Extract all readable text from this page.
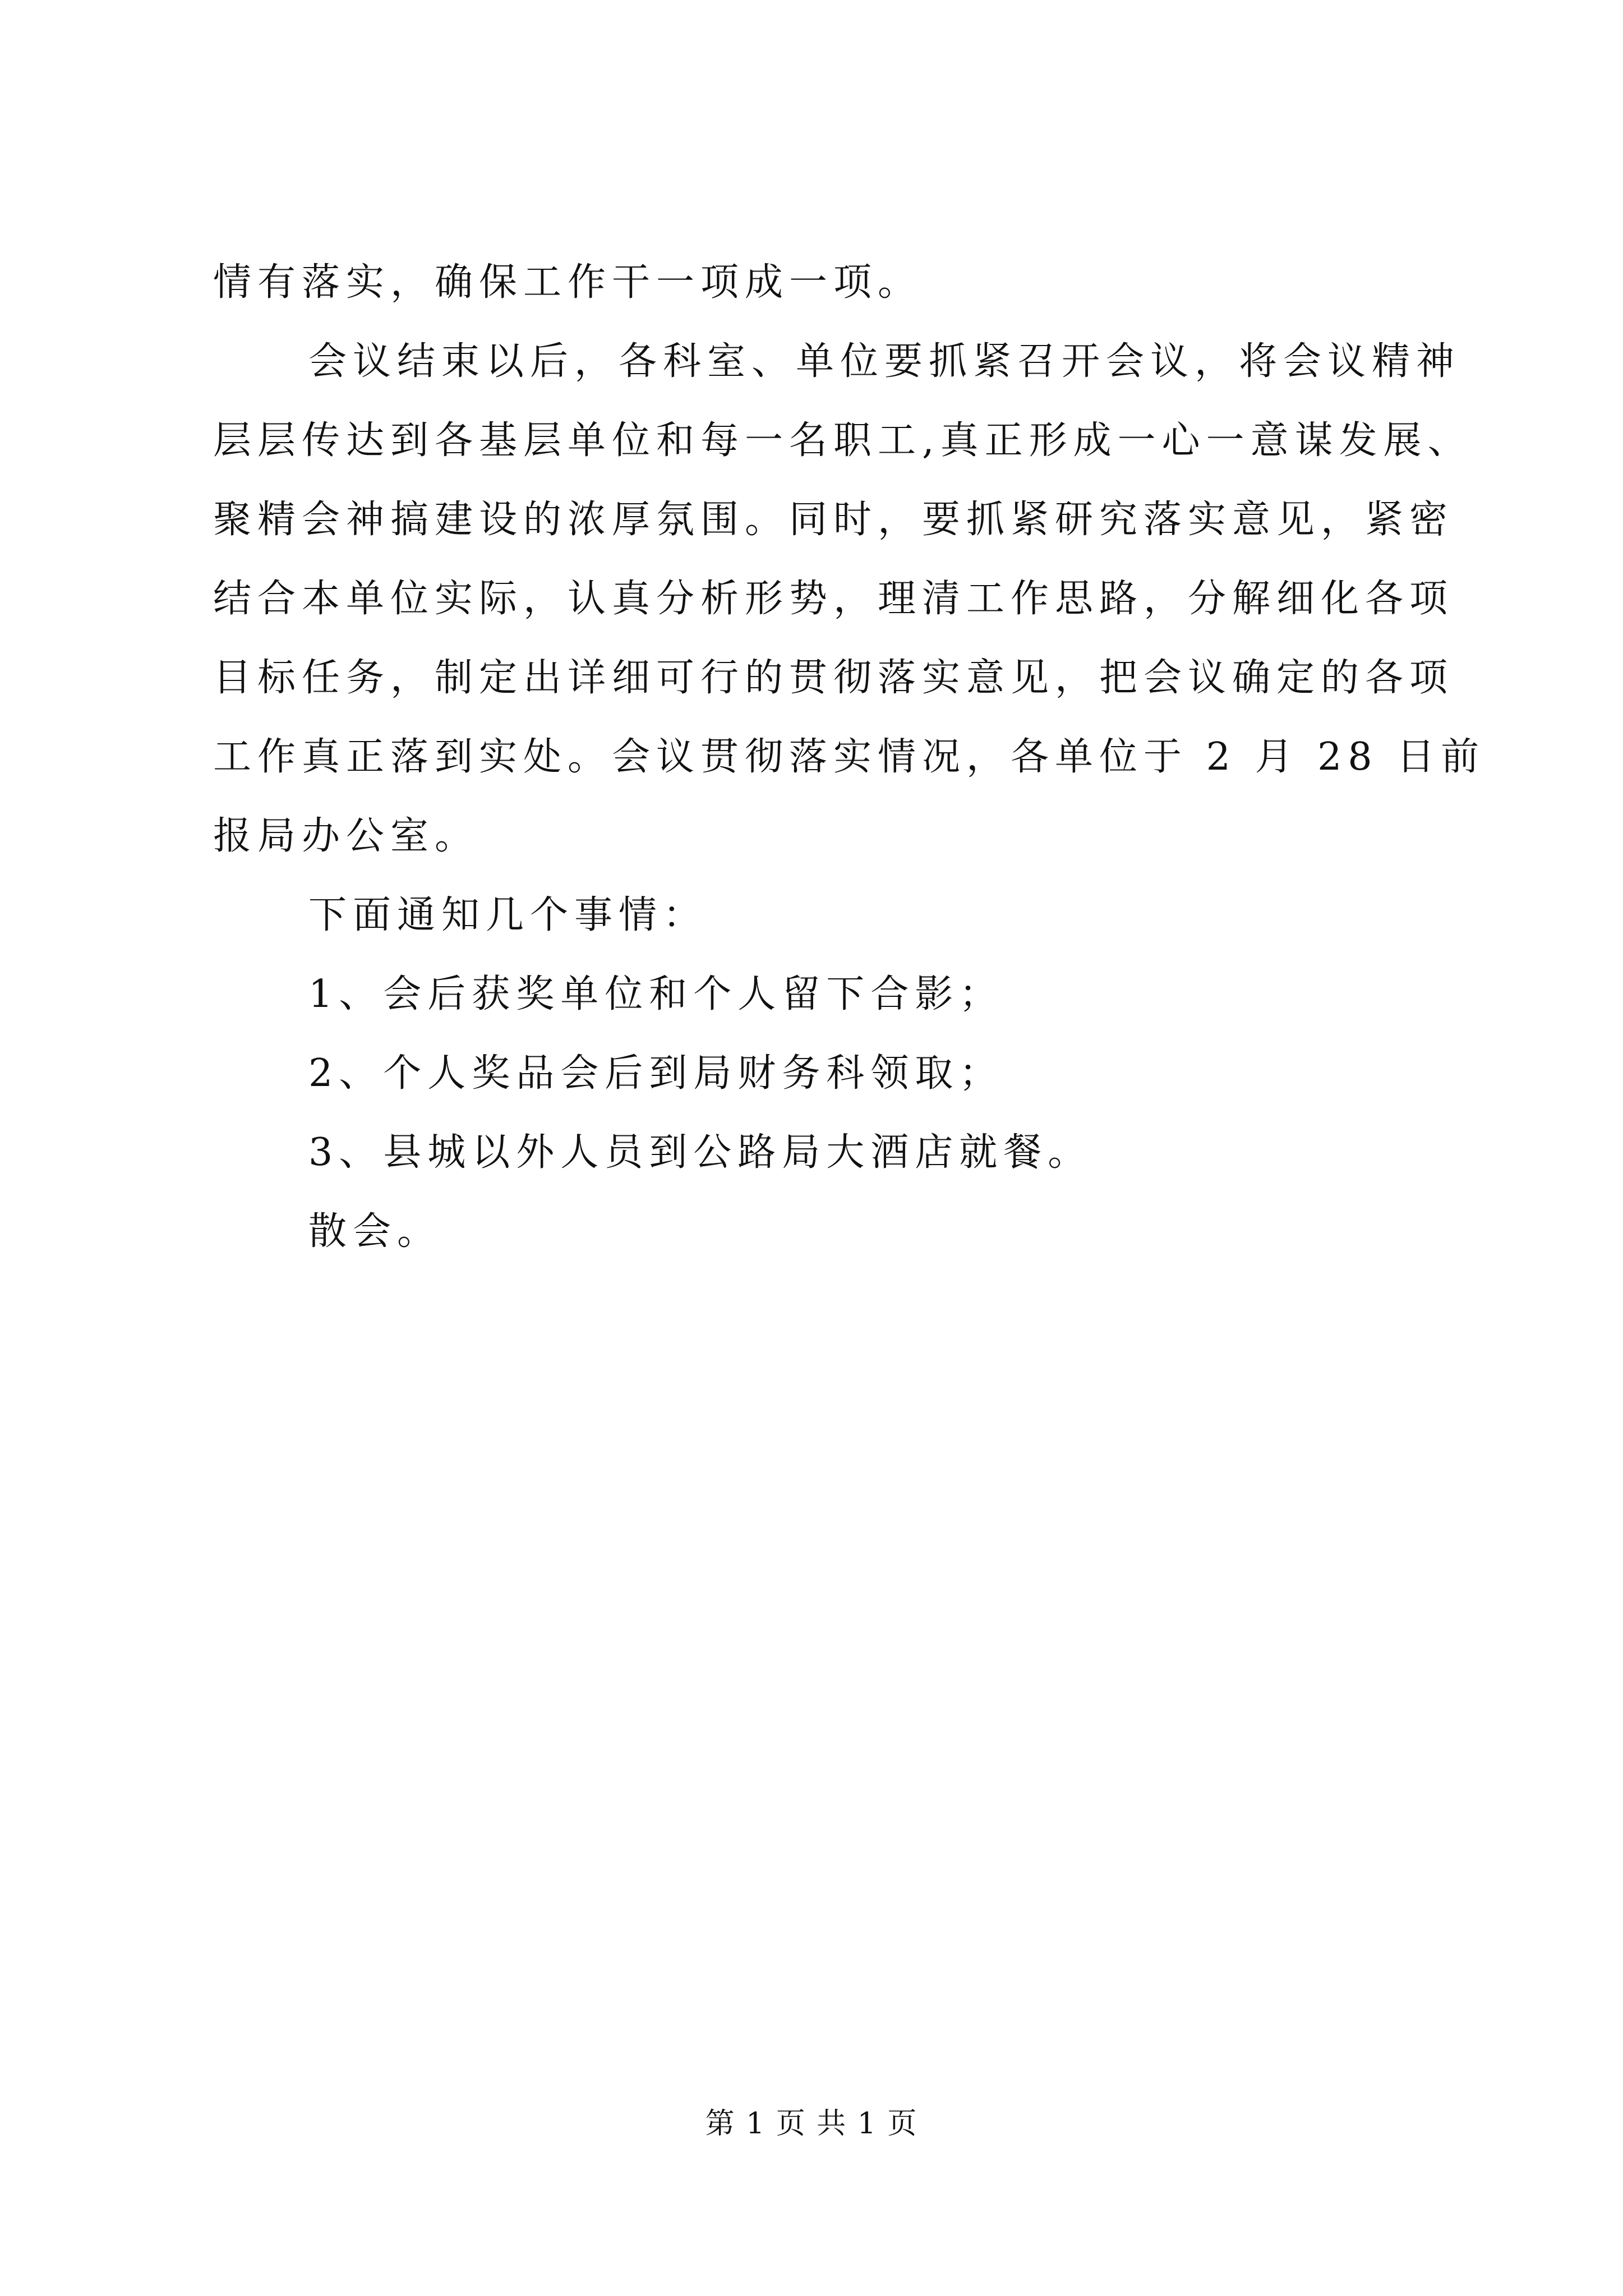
情有落实，确保工作干一项成一项。
会议结束以后，各科室、单位要抓紧召开会议，将会议精神
层层传达到各基层单位和每一名职工,真正形成一心一意谋发展、
聚精会神搞建设的浓厚氛围。同时，要抓紧研究落实意见，紧密
结合本单位实际，认真分析形势，理清工作思路，分解细化各项
目标任务，制定出详细可行的贯彻落实意见，把会议确定的各项
工作真正落到实处。会议贯彻落实情况，各单位于 2 月 28 日前
报局办公室。
下面通知几个事情：
1、会后获奖单位和个人留下合影；
2、个人奖品会后到局财务科领取；
3、县城以外人员到公路局大酒店就餐。
散会。
第 1 页 共 1 页
